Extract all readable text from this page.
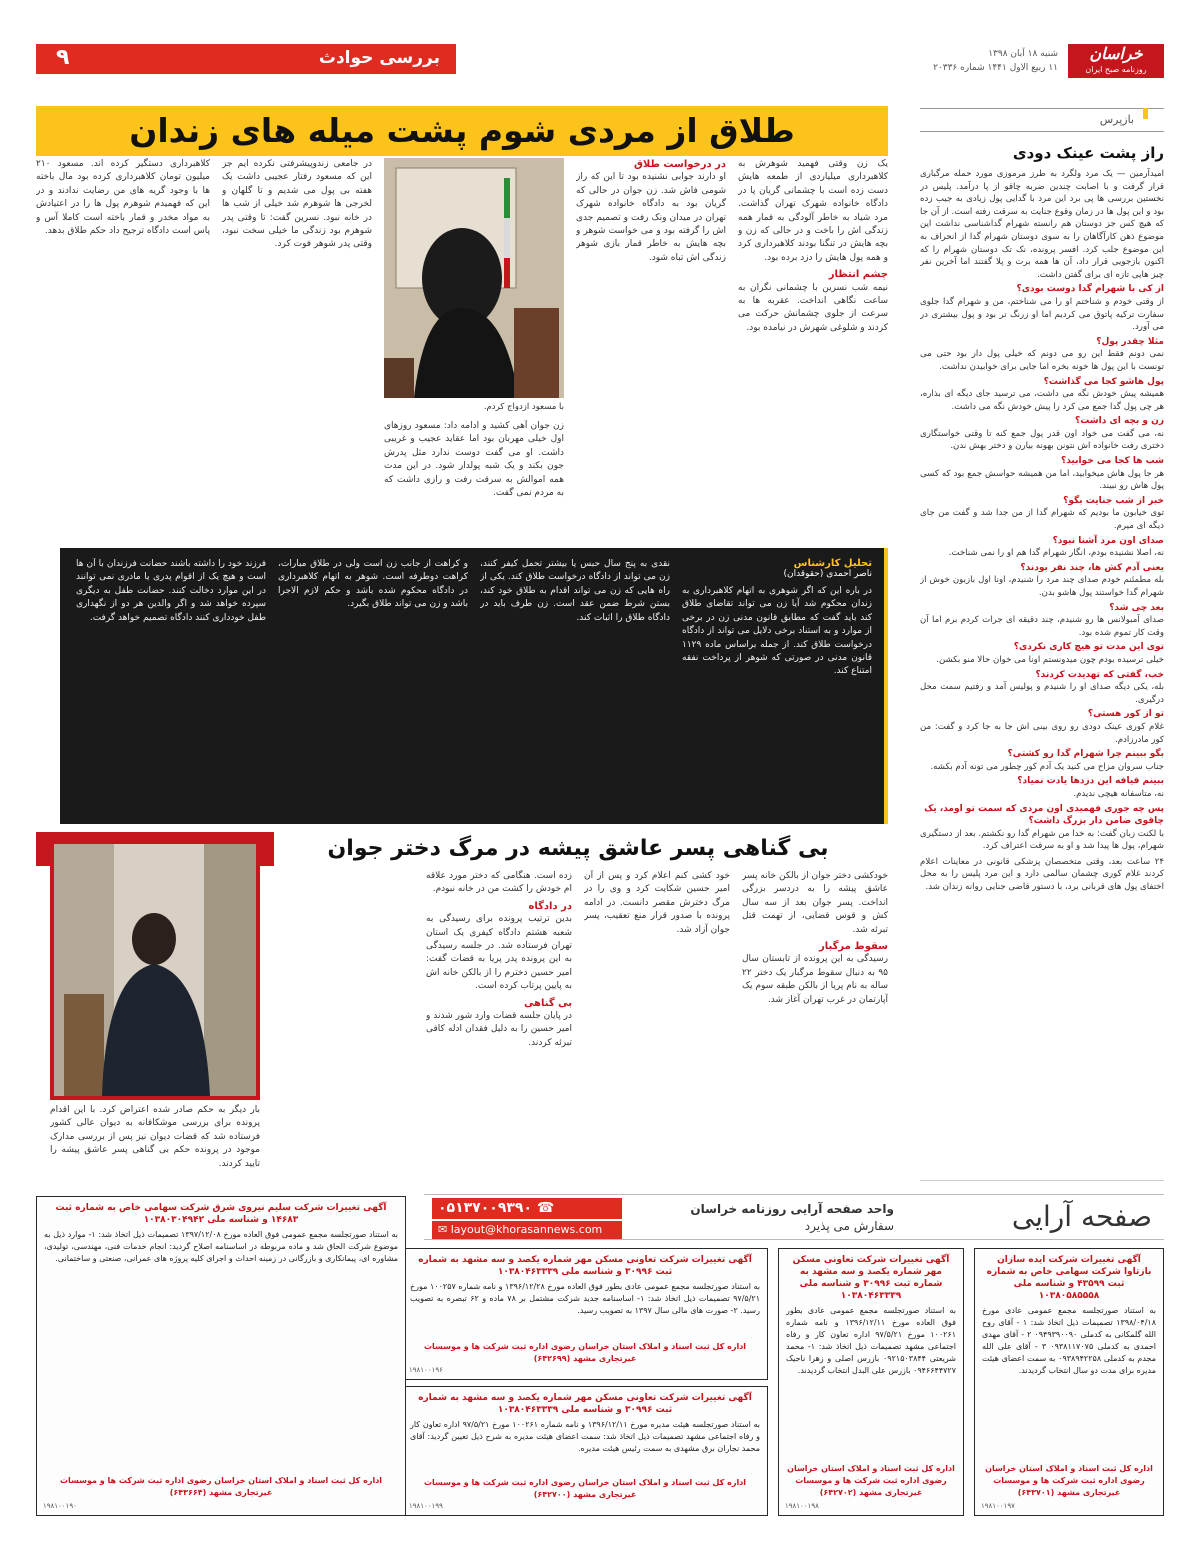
خراسان
روزنامه صبح ایران
شنبه ۱۸ آبان ۱۳۹۸
۱۱ ربیع الاول ۱۴۴۱ شماره ۲۰۳۳۶
بررسی حوادث
۹
بازپرس
راز پشت عینک دودی
امیدآرمین — یک مرد ولگرد به طرز مرموزی مورد حمله مرگباری قرار گرفت و با اصابت چندین ضربه چاقو از پا درآمد. پلیس در نخستین بررسی ها پی برد این مرد با گدایی پول زیادی به جیب زده بود و این پول ها در زمان وقوع جنایت به سرقت رفته است. از آن جا که هیچ کس جز دوستان هم رانسته شهرام گداشناسی نداشت این موضوع ذهن کارآگاهان را به سوی دوستان شهرام گدا از انحراف به این موضوع جلب کرد. افسر پرونده، نک تک دوستان شهرام را که اکنون بازجویی قرار داد، آن ها همه برت و پلا گفتند اما آخرین نفر چیز هایی تازه ای برای گفتن داشت.
از کی با شهرام گدا دوست بودی؟
از وقتی خودم و شناختم او را می شناختم، من و شهرام گدا جلوی سفارت ترکیه پاتوق می کردیم اما او زرنگ تر بود و پول بیشتری در می آورد.
مثلا چقدر پول؟
نمی دونم فقط این رو می دونم که خیلی پول دار بود حتی می تونست با این پول ها خونه بخره اما جایی برای خوابیدن نداشت.
پول هاشو کجا می گذاشت؟
همیشه پیش خودش نگه می داشت، می ترسید جای دیگه ای بذاره، هر چی پول گدا جمع می کرد را پیش خودش نگه می داشت.
زن و بچه ای داشت؟
نه، می گفت می خواد اون قدر پول جمع کنه تا وقتی خواستگاری دختری رفت خانواده اش نتونن بهونه بیارن و دختر بهش ندن.
شب ها کجا می خوابید؟
هر جا پول هاش میخوابید، اما من همیشه حواسش جمع بود که کسی پول هاش رو نبیند.
خبر از شب جنایت بگو؟
توی خیابون ما بودیم که شهرام گدا از من جدا شد و گفت من جای دیگه ای میرم.
صدای اون مرد آشنا نبود؟
نه، اصلا نشنیده بودم، انگار شهرام گدا هم او را نمی شناخت.
یعنی آدم کش ها، چند نفر بودند؟
بله مطمئنم خودم صدای چند مرد را شنیدم، اونا اول بازبون خوش از شهرام گدا خواستند پول هاشو بدن.
بعد چی شد؟
صدای آمبولانس ها رو شنیدم، چند دقیقه ای جرات کردم برم اما آن وقت کار تموم شده بود.
توی این مدت تو هیچ کاری نکردی؟
خیلی ترسیده بودم چون میدونستم اونا می خوان حالا منو بکشن.
خب، گفتی که تهدیدت کردند؟
بله، یکی دیگه صدای او را شنیدم و پولیس آمد و رفتیم سمت محل درگیری.
تو از کور هستی؟
غلام کوری عینک دودی رو روی بینی اش جا به جا کرد و گفت: من کور مادرزادم.
بگو ببینم چرا شهرام گدا رو کشتی؟
جناب سروان مزاح می کنید یک آدم کور چطور می تونه آدم بکشه.
ببینم قیافه این دزدها یادت نمیاد؟
نه، متاسفانه هیچی ندیدم.
پس چه جوری فهمیدی اون مردی که سمت تو اومد، یک چاقوی ضامن دار بزرگ داشت؟
با لکنت زبان گفت: به خدا من شهرام گدا رو نکشتم. بعد از دستگیری شهرام، پول ها پیدا شد و او به سرقت اعتراف کرد.
۲۴ ساعت بعد، وقتی متخصصان پزشکی قانونی در معاینات اعلام کردند غلام کوری چشمان سالمی دارد و این مرد پلیس را به محل اختفای پول های قربانی برد، با دستور قاضی جنایی روانه زندان شد.
طلاق از مردی شوم پشت میله های زندان
یک زن وقتی فهمید شوهرش به کلاهبرداری میلیاردی از طمعه هایش دست زده است با چشمانی گریان پا در دادگاه خانواده شهرک تهران گذاشت. مرد شیاد به خاطر آلودگی به قمار همه زندگی اش را باخت و در حالی که زن و بچه هایش در تنگنا بودند کلاهبرداری کرد و همه پول هایش را دزد برده بود.
چشم انتظار
نیمه شب نسرین با چشمانی نگران به ساعت نگاهی انداخت. عقربه ها به سرعت از جلوی چشمانش حرکت می کردند و شلوغی شهرش در نیامده بود.
در درخواست طلاق
او دارند جوابی نشنیده بود تا این که راز شومی فاش شد. زن جوان در حالی که گریان بود به دادگاه خانواده شهرک تهران در میدان ونک رفت و تصمیم جدی اش را گرفته بود و می خواست شوهر و بچه هایش به خاطر قمار بازی شوهر زندگی اش تباه شود.
با مسعود ازدواج کردم.
زن جوان آهی کشید و ادامه داد: مسعود روزهای اول خیلی مهربان بود اما عقاید عجیب و غریبی داشت. او می گفت دوست ندارد مثل پدرش جون بکند و یک شبه پولدار شود. در این مدت همه اموالش به سرقت رفت و رازی داشت که به مردم نمی گفت.
در جامعی زندوپیشرفتی نکرده ایم جز این که مسعود رفتار عجیبی داشت یک هفته بی پول می شدیم و تا گلهان و لخرجی ها شوهرم شد خیلی از شب ها در خانه نبود. نسرین گفت: تا وقتی پدر شوهرم بود زندگی ما خیلی سخت نبود، وقتی پدر شوهر فوت کرد.
کلاهبرداری دستگیر کرده اند. مسعود ۲۱۰ میلیون تومان کلاهبرداری کرده بود مال باخته ها با وجود گریه های من رضایت ندادند و در این که فهمیدم شوهرم پول ها را در اعتیادش به مواد مخدر و قمار باخته است کاملا آس و پاس است دادگاه ترجیح داد حکم طلاق بدهد.
تحلیل کارشناس
ناصر احمدی (حقوقدان)
در باره این که اگر شوهری به اتهام کلاهبرداری به زندان محکوم شد آیا زن می تواند تقاضای طلاق کند باید گفت که مطابق قانون مدنی زن در برخی از موارد و به استناد برخی دلایل می تواند از دادگاه درخواست طلاق کند. از جمله براساس ماده ۱۱۲۹ قانون مدنی در صورتی که شوهر از پرداخت نفقه امتناع کند.
نقدی به پنج سال حبس یا بیشتر تحمل کیفر کنند، زن می تواند از دادگاه درخواست طلاق کند. یکی از راه هایی که زن می تواند اقدام به طلاق خود کند، بستن شرط ضمن عقد است. زن طرف باید در دادگاه طلاق را اثبات کند.
و کراهت از جانب زن است ولی در طلاق مبارات، کراهت دوطرفه است. شوهر به اتهام کلاهبرداری در دادگاه محکوم شده باشد و حکم لازم الاجرا باشد و زن می تواند طلاق بگیرد.
فرزند خود را داشته باشند حضانت فرزندان با آن ها است و هیچ یک از اقوام پدری یا مادری نمی توانند در این موارد دخالت کنند. حضانت طفل به دیگری سپرده خواهد شد و اگر والدین هر دو از نگهداری طفل خودداری کنند دادگاه تصمیم خواهد گرفت.
بی گناهی پسر عاشق پیشه در مرگ دختر جوان
خودکشی دختر جوان از بالکن خانه پسر عاشق پیشه را به دردسر بزرگی انداخت. پسر جوان بعد از سه سال کش و قوس قضایی، از تهمت قتل تبرئه شد.
سقوط مرگبار
رسیدگی به این پرونده از تابستان سال ۹۵ به دنبال سقوط مرگبار یک دختر ۲۲ ساله به نام پریا از بالکن طبقه سوم یک آپارتمان در غرب تهران آغاز شد.
خود کشی کنم اعلام کرد و پس از آن امیر حسین شکایت کرد و وی را در مرگ دخترش مقصر دانست. در ادامه پرونده با صدور قرار منع تعقیب، پسر جوان آزاد شد.
زده است. هنگامی که دختر مورد علاقه ام خودش را کشت من در خانه نبودم.
در دادگاه
بدین ترتیب پرونده برای رسیدگی به شعبه هشتم دادگاه کیفری یک استان تهران فرستاده شد. در جلسه رسیدگی به این پرونده پدر پریا به قضات گفت: امیر حسین دخترم را از بالکن خانه اش به پایین پرتاب کرده است.
بی گناهی
در پایان جلسه قضات وارد شور شدند و امیر حسین را به دلیل فقدان ادله کافی تبرئه کردند.
بار دیگر به حکم صادر شده اعتراض کرد. با این اقدام پرونده برای بررسی موشکافانه به دیوان عالی کشور فرستاده شد که قضات دیوان نیز پس از بررسی مدارک موجود در پرونده حکم بی گناهی پسر عاشق پیشه را تایید کردند.
صفحه آرایی
واحد صفحه آرایی روزنامه خراسان
سفارش می پذیرد
☎ ۰۵۱۳۷۰۰۹۳۹۰
✉ layout@khorasannews.com
آگهی تغییرات شرکت ایده سازان بازتاوا شرکت سهامی خاص به شماره ثبت ۴۳۵۹۹ و شناسه ملی ۱۰۳۸۰۵۸۵۵۵۸
به استناد صورتجلسه مجمع عمومی عادی مورخ ۱۳۹۸/۰۴/۱۸ تصمیمات ذیل اتخاذ شد: ۱ - آقای روح الله گلمکانی به کدملی ۰۹۴۹۳۹۰۰۹۰ ۲ - آقای مهدی احمدی به کدملی ۰۹۳۸۱۱۷۰۷۵ ۳ - آقای علی الله مجدم به کدملی ۰۹۳۸۹۴۲۲۵۸ به سمت اعضای هیئت مدیره برای مدت دو سال انتخاب گردیدند.
اداره کل ثبت اسناد و املاک استان خراسان رضوی اداره ثبت شرکت ها و موسسات غیرتجاری مشهد (۶۴۳۷۰۱)
۱۹۸۱۰۰۱۹۷
آگهی تغییرات شرکت تعاونی مسکن مهر شماره یکصد و سه مشهد به شماره ثبت ۳۰۹۹۶ و شناسه ملی ۱۰۳۸۰۴۶۳۳۳۹
به استناد صورتجلسه مجمع عمومی عادی بطور فوق العاده مورخ ۱۳۹۶/۱۲/۱۱ و نامه شماره ۱۰۰۲۶۱ مورخ ۹۷/۵/۲۱ اداره تعاون کار و رفاه اجتماعی مشهد تصمیمات ذیل اتخاذ شد: ۱- محمد شریعتی ۰۹۲۱۵۰۳۸۴۴ بازرس اصلی و زهرا ناجیک ۰۹۴۶۶۴۴۷۲۷ بازرس علی البدل انتخاب گردیدند.
اداره کل ثبت اسناد و املاک استان خراسان رضوی اداره ثبت شرکت ها و موسسات غیرتجاری مشهد (۶۴۲۷۰۲)
۱۹۸۱۰۰۱۹۸
آگهی تغییرات شرکت تعاونی مسکن مهر شماره یکصد و سه مشهد به شماره ثبت ۳۰۹۹۶ و شناسه ملی ۱۰۳۸۰۴۶۳۳۳۹
به استناد صورتجلسه مجمع عمومی عادی بطور فوق العاده مورخ ۱۳۹۶/۱۲/۲۸ و نامه شماره ۱۰۰۲۵۷ مورخ ۹۷/۵/۲۱ تصمیمات ذیل اتخاذ شد: ۱- اساسنامه جدید شرکت مشتمل بر ۷۸ ماده و ۶۲ تبصره به تصویب رسید. ۲- صورت های مالی سال ۱۳۹۷ به تصویب رسید.
اداره کل ثبت اسناد و املاک استان خراسان رضوی اداره ثبت شرکت ها و موسسات غیرتجاری مشهد (۶۴۲۶۹۹)
۱۹۸۱۰۰۱۹۶
آگهی تغییرات شرکت تعاونی مسکن مهر شماره یکصد و سه مشهد به شماره ثبت ۳۰۹۹۶ و شناسه ملی ۱۰۳۸۰۴۶۳۳۳۹
به استناد صورتجلسه هیئت مدیره مورخ ۱۳۹۶/۱۲/۱۱ و نامه شماره ۱۰۰۲۶۱ مورخ ۹۷/۵/۲۱ اداره تعاون کار و رفاه اجتماعی مشهد تصمیمات ذیل اتخاذ شد: سمت اعضای هیئت مدیره به شرح ذیل تعیین گردید: آقای محمد نجاران برق مشهدی به سمت رئیس هیئت مدیره.
اداره کل ثبت اسناد و املاک استان خراسان رضوی اداره ثبت شرکت ها و موسسات غیرتجاری مشهد (۶۴۲۷۰۰)
۱۹۸۱۰۰۱۹۹
آگهی تغییرات شرکت سلیم نیروی شرق شرکت سهامی خاص به شماره ثبت ۱۴۶۸۳ و شناسه ملی ۱۰۳۸۰۳۰۴۹۴۲
به استناد صورتجلسه مجمع عمومی فوق العاده مورخ ۱۳۹۷/۱۲/۰۸ تصمیمات ذیل اتخاذ شد: ۱- موارد ذیل به موضوع شرکت الحاق شد و ماده مربوطه در اساسنامه اصلاح گردید: انجام خدمات فنی، مهندسی، تولیدی، مشاوره ای، پیمانکاری و بازرگانی در زمینه احداث و اجرای کلیه پروژه های عمرانی، صنعتی و ساختمانی.
اداره کل ثبت اسناد و املاک استان خراسان رضوی اداره ثبت شرکت ها و موسسات غیرتجاری مشهد (۶۴۳۶۶۴)
۱۹۸۱۰۰۱۹۰
